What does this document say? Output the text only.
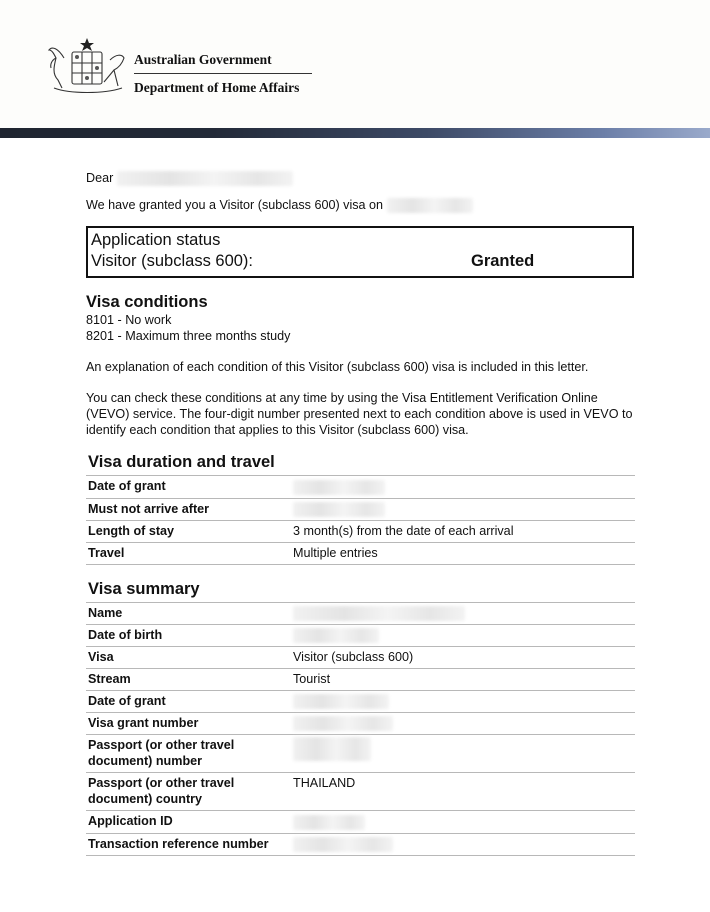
Australian Government
Department of Home Affairs

Dear

We have granted you a Visitor (subclass 600) visa on

Application status
Visitor (subclass 600):	Granted
Visa conditions
8101 - No work
8201 - Maximum three months study
An explanation of each condition of this Visitor (subclass 600) visa is included in this letter.
You can check these conditions at any time by using the Visa Entitlement Verification Online (VEVO) service. The four-digit number presented next to each condition above is used in VEVO to identify each condition that applies to this Visitor (subclass 600) visa.
Visa duration and travel
Date of grant	
Must not arrive after	
Length of stay	3 month(s) from the date of each arrival
Travel	Multiple entries
Visa summary
Name	
Date of birth	
Visa	Visitor (subclass 600)
Stream	Tourist
Date of grant	
Visa grant number	
Passport (or other travel document) number	
Passport (or other travel document) country	THAILAND
Application ID	
Transaction reference number	
